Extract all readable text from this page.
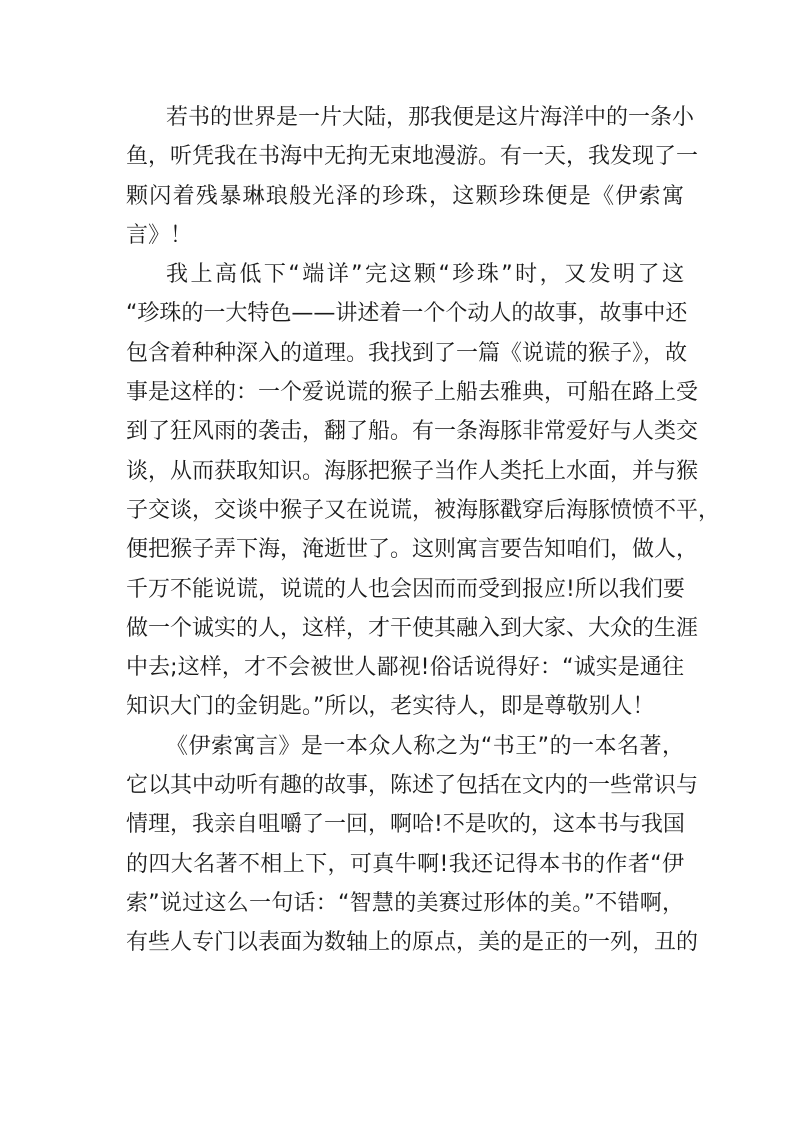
若书的世界是一片大陆，那我便是这片海洋中的一条小
鱼，听凭我在书海中无拘无束地漫游。有一天，我发现了一
颗闪着残暴琳琅般光泽的珍珠，这颗珍珠便是《伊索寓
言》！
我上高低下“端详”完这颗“珍珠”时，又发明了这
“珍珠的一大特色——讲述着一个个动人的故事，故事中还
包含着种种深入的道理。我找到了一篇《说谎的猴子》，故
事是这样的：一个爱说谎的猴子上船去雅典，可船在路上受
到了狂风雨的袭击，翻了船。有一条海豚非常爱好与人类交
谈，从而获取知识。海豚把猴子当作人类托上水面，并与猴
子交谈，交谈中猴子又在说谎，被海豚戳穿后海豚愤愤不平，
便把猴子弄下海，淹逝世了。这则寓言要告知咱们，做人，
千万不能说谎，说谎的人也会因而而受到报应!所以我们要
做一个诚实的人，这样，才干使其融入到大家、大众的生涯
中去;这样，才不会被世人鄙视!俗话说得好：“诚实是通往
知识大门的金钥匙。”所以，老实待人，即是尊敬别人！
《伊索寓言》是一本众人称之为“书王”的一本名著，
它以其中动听有趣的故事，陈述了包括在文内的一些常识与
情理，我亲自咀嚼了一回，啊哈!不是吹的，这本书与我国
的四大名著不相上下，可真牛啊!我还记得本书的作者“伊
索”说过这么一句话：“智慧的美赛过形体的美。”不错啊，
有些人专门以表面为数轴上的原点，美的是正的一列，丑的
